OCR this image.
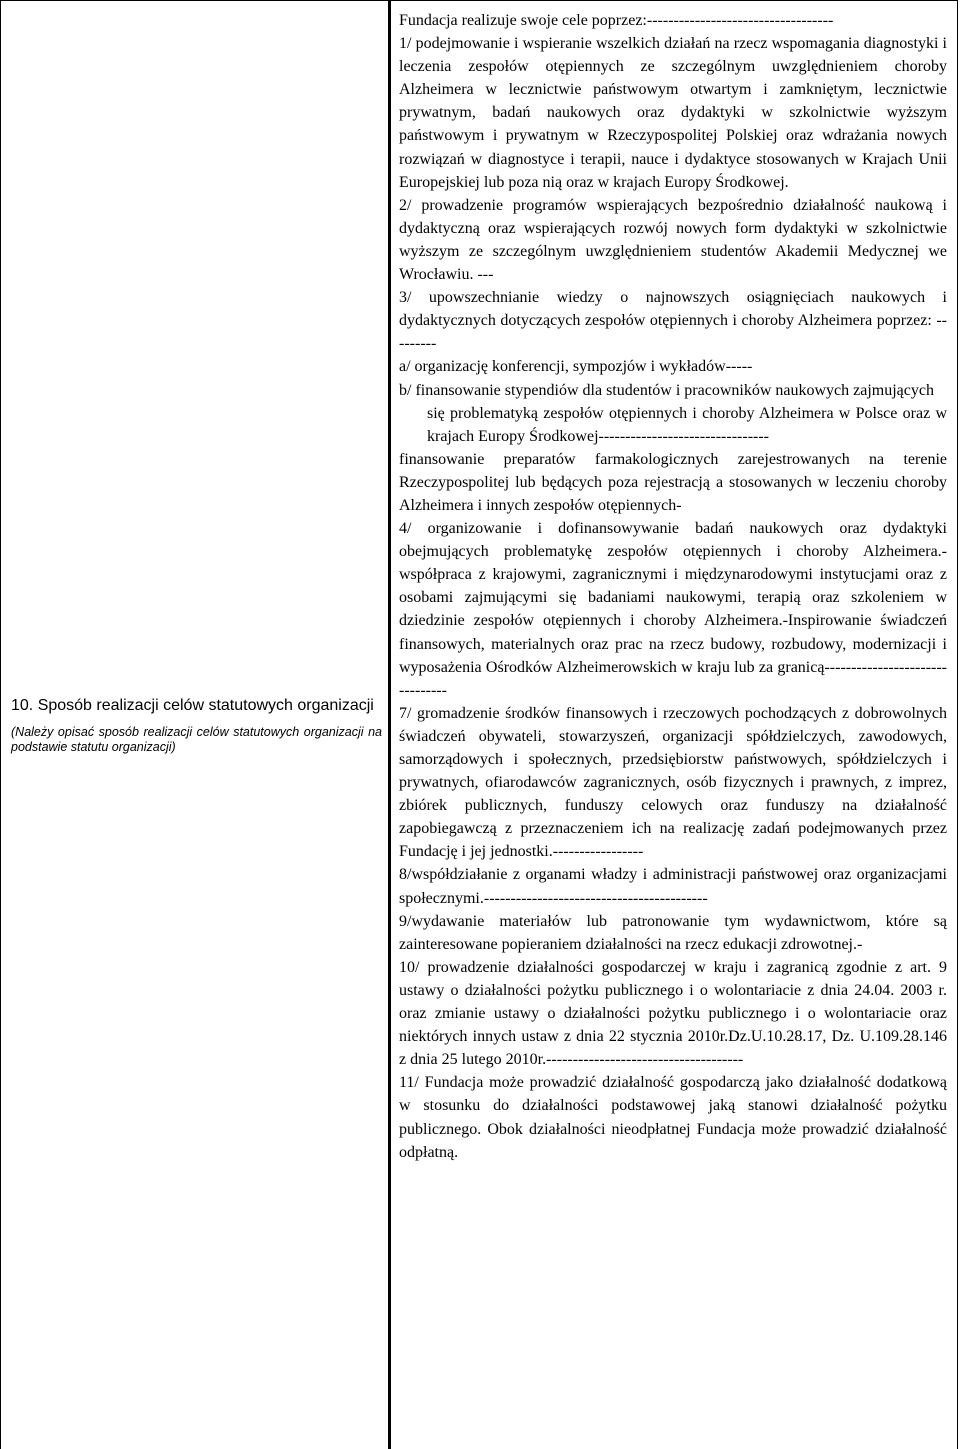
10. Sposób realizacji celów statutowych organizacji
(Należy opisać sposób realizacji celów statutowych organizacji na podstawie statutu organizacji)

Fundacja realizuje swoje cele poprzez:-----------------------------------

1/ podejmowanie i wspieranie wszelkich działań na rzecz wspomagania diagnostyki i leczenia zespołów otępiennych ze szczególnym uwzględnieniem choroby Alzheimera w lecznictwie państwowym otwartym i zamkniętym, lecznictwie prywatnym, badań naukowych oraz dydaktyki w szkolnictwie wyższym państwowym i prywatnym w Rzeczypospolitej Polskiej oraz wdrażania nowych rozwiązań w diagnostyce i terapii, nauce i dydaktyce stosowanych w Krajach Unii Europejskiej lub poza nią oraz w krajach Europy Środkowej.

2/ prowadzenie programów wspierających bezpośrednio działalność naukową i dydaktyczną oraz wspierających rozwój nowych form dydaktyki w szkolnictwie wyższym ze szczególnym uwzględnieniem studentów Akademii Medycznej we Wrocławiu. ---

3/ upowszechnianie wiedzy o najnowszych osiągnięciach naukowych i dydaktycznych dotyczących zespołów otępiennych i choroby Alzheimera poprzez: ---------

a/ organizację konferencji, sympozjów i wykładów-----

b/ finansowanie stypendiów dla studentów i pracowników naukowych zajmujących

się problematyką zespołów otępiennych i choroby Alzheimera w Polsce oraz w krajach Europy Środkowej--------------------------------

finansowanie preparatów farmakologicznych zarejestrowanych na terenie Rzeczypospolitej lub będących poza rejestracją a stosowanych w leczeniu choroby Alzheimera i innych zespołów otępiennych-

4/ organizowanie i dofinansowywanie badań naukowych oraz dydaktyki obejmujących problematykę zespołów otępiennych i choroby Alzheimera.-współpraca z krajowymi, zagranicznymi i międzynarodowymi instytucjami oraz z osobami zajmującymi się badaniami naukowymi, terapią oraz szkoleniem w dziedzinie zespołów otępiennych i choroby Alzheimera.-Inspirowanie świadczeń finansowych, materialnych oraz prac na rzecz budowy, rozbudowy, modernizacji i wyposażenia Ośrodków Alzheimerowskich w kraju lub za granicą--------------------------------

7/ gromadzenie środków finansowych i rzeczowych pochodzących z dobrowolnych świadczeń obywateli, stowarzyszeń, organizacji spółdzielczych, zawodowych, samorządowych i społecznych, przedsiębiorstw państwowych, spółdzielczych i prywatnych, ofiarodawców zagranicznych, osób fizycznych i prawnych, z imprez, zbiórek publicznych, funduszy celowych oraz funduszy na działalność zapobiegawczą z przeznaczeniem ich na realizację zadań podejmowanych przez Fundację i jej jednostki.-----------------

8/współdziałanie z organami władzy i administracji państwowej oraz organizacjami społecznymi.------------------------------------------

9/wydawanie materiałów lub patronowanie tym wydawnictwom, które są zainteresowane popieraniem działalności na rzecz edukacji zdrowotnej.-

10/ prowadzenie działalności gospodarczej w kraju i zagranicą zgodnie z art. 9 ustawy o działalności pożytku publicznego i o wolontariacie z dnia 24.04. 2003 r. oraz zmianie ustawy o działalności pożytku publicznego i o wolontariacie oraz niektórych innych ustaw z dnia 22 stycznia 2010r.Dz.U.10.28.17, Dz. U.109.28.146 z dnia 25 lutego 2010r.-------------------------------------

11/ Fundacja może prowadzić działalność gospodarczą jako działalność dodatkową w stosunku do działalności podstawowej jaką stanowi działalność pożytku publicznego. Obok działalności nieodpłatnej Fundacja może prowadzić działalność odpłatną.
